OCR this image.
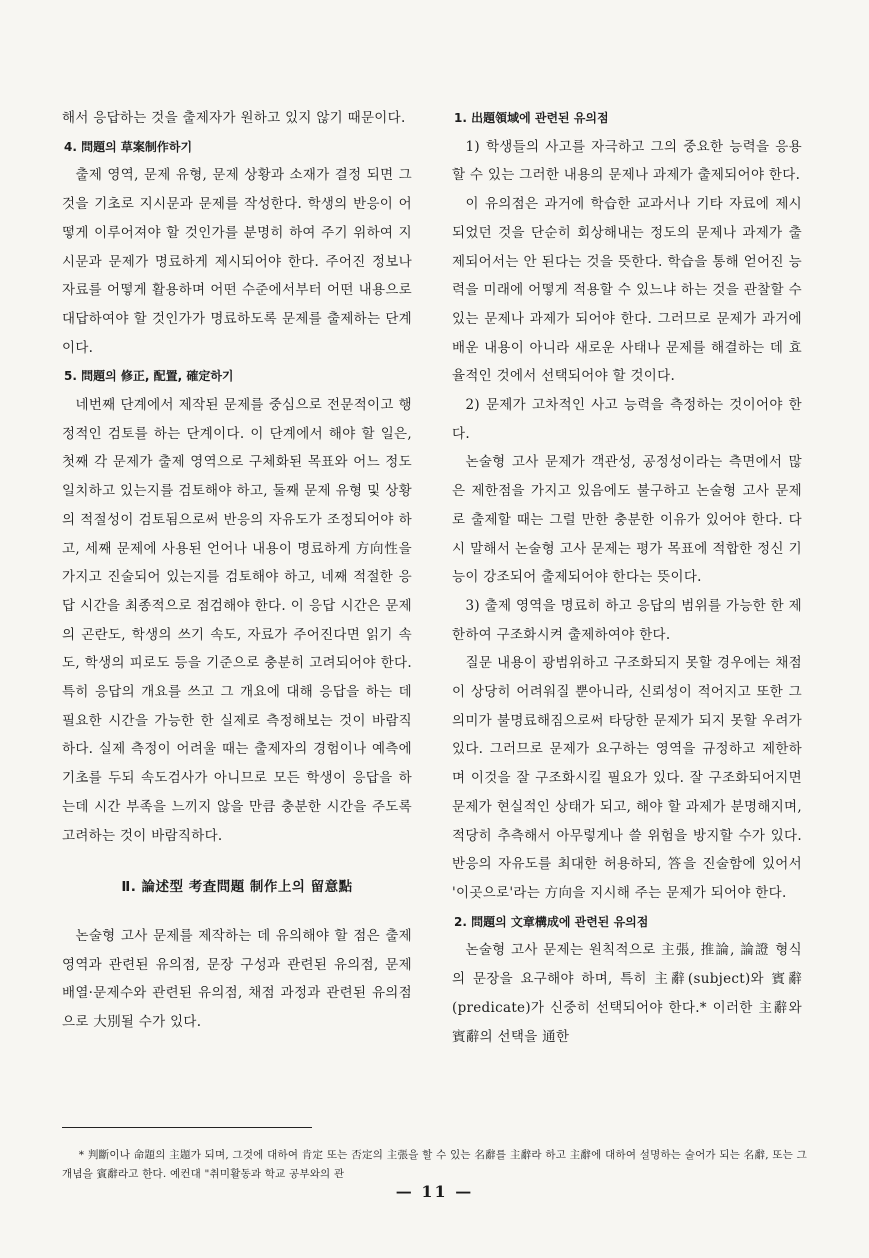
해서 응답하는 것을 출제자가 원하고 있지 않기 때문이다.

4. 問題의 草案制作하기

출제 영역, 문제 유형, 문제 상황과 소재가 결정 되면 그것을 기초로 지시문과 문제를 작성한다. 학생의 반응이 어떻게 이루어져야 할 것인가를 분명히 하여 주기 위하여 지시문과 문제가 명료하게 제시되어야 한다. 주어진 정보나 자료를 어떻게 활용하며 어떤 수준에서부터 어떤 내용으로 대답하여야 할 것인가가 명료하도록 문제를 출제하는 단계이다.

5. 問題의 修正, 配置, 確定하기

네번째 단계에서 제작된 문제를 중심으로 전문적이고 행정적인 검토를 하는 단계이다. 이 단계에서 해야 할 일은, 첫째 각 문제가 출제 영역으로 구체화된 목표와 어느 정도 일치하고 있는지를 검토해야 하고, 둘째 문제 유형 및 상황의 적절성이 검토됨으로써 반응의 자유도가 조정되어야 하고, 세째 문제에 사용된 언어나 내용이 명료하게 方向性을 가지고 진술되어 있는지를 검토해야 하고, 네째 적절한 응답 시간을 최종적으로 점검해야 한다. 이 응답 시간은 문제의 곤란도, 학생의 쓰기 속도, 자료가 주어진다면 읽기 속도, 학생의 피로도 등을 기준으로 충분히 고려되어야 한다. 특히 응답의 개요를 쓰고 그 개요에 대해 응답을 하는 데 필요한 시간을 가능한 한 실제로 측정해보는 것이 바람직하다. 실제 측정이 어려울 때는 출제자의 경험이나 예측에 기초를 두되 속도검사가 아니므로 모든 학생이 응답을 하는데 시간 부족을 느끼지 않을 만큼 충분한 시간을 주도록 고려하는 것이 바람직하다.

Ⅱ. 論述型 考査問題 制作上의 留意點

논술형 고사 문제를 제작하는 데 유의해야 할 점은 출제 영역과 관련된 유의점, 문장 구성과 관련된 유의점, 문제 배열·문제수와 관련된 유의점, 채점 과정과 관련된 유의점으로 大別될 수가 있다.

1. 出題領域에 관련된 유의점

1) 학생들의 사고를 자극하고 그의 중요한 능력을 응용할 수 있는 그러한 내용의 문제나 과제가 출제되어야 한다.

이 유의점은 과거에 학습한 교과서나 기타 자료에 제시되었던 것을 단순히 회상해내는 정도의 문제나 과제가 출제되어서는 안 된다는 것을 뜻한다. 학습을 통해 얻어진 능력을 미래에 어떻게 적용할 수 있느냐 하는 것을 관찰할 수 있는 문제나 과제가 되어야 한다. 그러므로 문제가 과거에 배운 내용이 아니라 새로운 사태나 문제를 해결하는 데 효율적인 것에서 선택되어야 할 것이다.

2) 문제가 고차적인 사고 능력을 측정하는 것이어야 한다.

논술형 고사 문제가 객관성, 공정성이라는 측면에서 많은 제한점을 가지고 있음에도 불구하고 논술형 고사 문제로 출제할 때는 그럴 만한 충분한 이유가 있어야 한다. 다시 말해서 논술형 고사 문제는 평가 목표에 적합한 정신 기능이 강조되어 출제되어야 한다는 뜻이다.

3) 출제 영역을 명료히 하고 응답의 범위를 가능한 한 제한하여 구조화시켜 출제하여야 한다.

질문 내용이 광범위하고 구조화되지 못할 경우에는 채점이 상당히 어려워질 뿐아니라, 신뢰성이 적어지고 또한 그 의미가 불명료해짐으로써 타당한 문제가 되지 못할 우려가 있다. 그러므로 문제가 요구하는 영역을 규정하고 제한하며 이것을 잘 구조화시킬 필요가 있다. 잘 구조화되어지면 문제가 현실적인 상태가 되고, 해야 할 과제가 분명해지며, 적당히 추측해서 아무렇게나 쓸 위험을 방지할 수가 있다. 반응의 자유도를 최대한 허용하되, 答을 진술함에 있어서 '이곳으로'라는 方向을 지시해 주는 문제가 되어야 한다.

2. 問題의 文章構成에 관련된 유의점

논술형 고사 문제는 원칙적으로 主張, 推論, 論證 형식의 문장을 요구해야 하며, 특히 主辭(subject)와 賓辭(predicate)가 신중히 선택되어야 한다.* 이러한 主辭와 賓辭의 선택을 通한

* 判斷이나 命題의 主題가 되며, 그것에 대하여 肯定 또는 否定의 主張을 할 수 있는 名辭를 主辭라 하고 主辭에 대하여 설명하는 술어가 되는 名辭, 또는 그 개념을 賓辭라고 한다. 예컨대 "취미활동과 학교 공부와의 관

— 11 —
